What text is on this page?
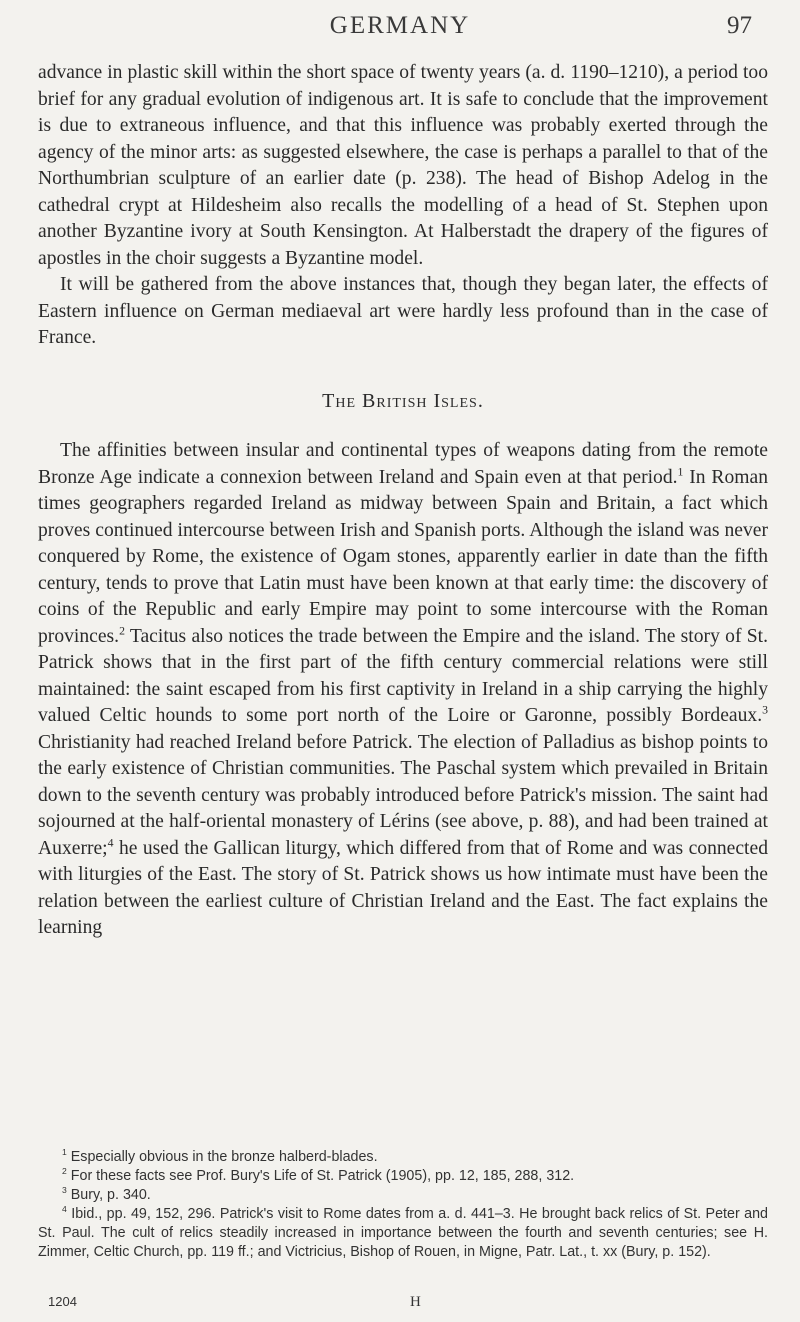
GERMANY	97

advance in plastic skill within the short space of twenty years (a. d. 1190–1210), a period too brief for any gradual evolution of indigenous art. It is safe to conclude that the improvement is due to extraneous influence, and that this influence was probably exerted through the agency of the minor arts: as suggested elsewhere, the case is perhaps a parallel to that of the Northumbrian sculpture of an earlier date (p. 238). The head of Bishop Adelog in the cathedral crypt at Hildesheim also recalls the modelling of a head of St. Stephen upon another Byzantine ivory at South Kensington. At Halberstadt the drapery of the figures of apostles in the choir suggests a Byzantine model.

It will be gathered from the above instances that, though they began later, the effects of Eastern influence on German mediaeval art were hardly less profound than in the case of France.

The British Isles.

The affinities between insular and continental types of weapons dating from the remote Bronze Age indicate a connexion between Ireland and Spain even at that period.$^1$ In Roman times geographers regarded Ireland as midway between Spain and Britain, a fact which proves continued intercourse between Irish and Spanish ports. Although the island was never conquered by Rome, the existence of Ogam stones, apparently earlier in date than the fifth century, tends to prove that Latin must have been known at that early time: the discovery of coins of the Republic and early Empire may point to some intercourse with the Roman provinces.$^2$ Tacitus also notices the trade between the Empire and the island. The story of St. Patrick shows that in the first part of the fifth century commercial relations were still maintained: the saint escaped from his first captivity in Ireland in a ship carrying the highly valued Celtic hounds to some port north of the Loire or Garonne, possibly Bordeaux.$^3$ Christianity had reached Ireland before Patrick. The election of Palladius as bishop points to the early existence of Christian communities. The Paschal system which prevailed in Britain down to the seventh century was probably introduced before Patrick's mission. The saint had sojourned at the half-oriental monastery of Lérins (see above, p. 88), and had been trained at Auxerre;$^4$ he used the Gallican liturgy, which differed from that of Rome and was connected with liturgies of the East. The story of St. Patrick shows us how intimate must have been the relation between the earliest culture of Christian Ireland and the East. The fact explains the learning

$^1$ Especially obvious in the bronze halberd-blades.

$^2$ For these facts see Prof. Bury's Life of St. Patrick (1905), pp. 12, 185, 288, 312.

$^3$ Bury, p. 340.

$^4$ Ibid., pp. 49, 152, 296. Patrick's visit to Rome dates from a. d. 441–3. He brought back relics of St. Peter and St. Paul. The cult of relics steadily increased in importance between the fourth and seventh centuries; see H. Zimmer, Celtic Church, pp. 119 ff.; and Victricius, Bishop of Rouen, in Migne, Patr. Lat., t. xx (Bury, p. 152).

1204	H
